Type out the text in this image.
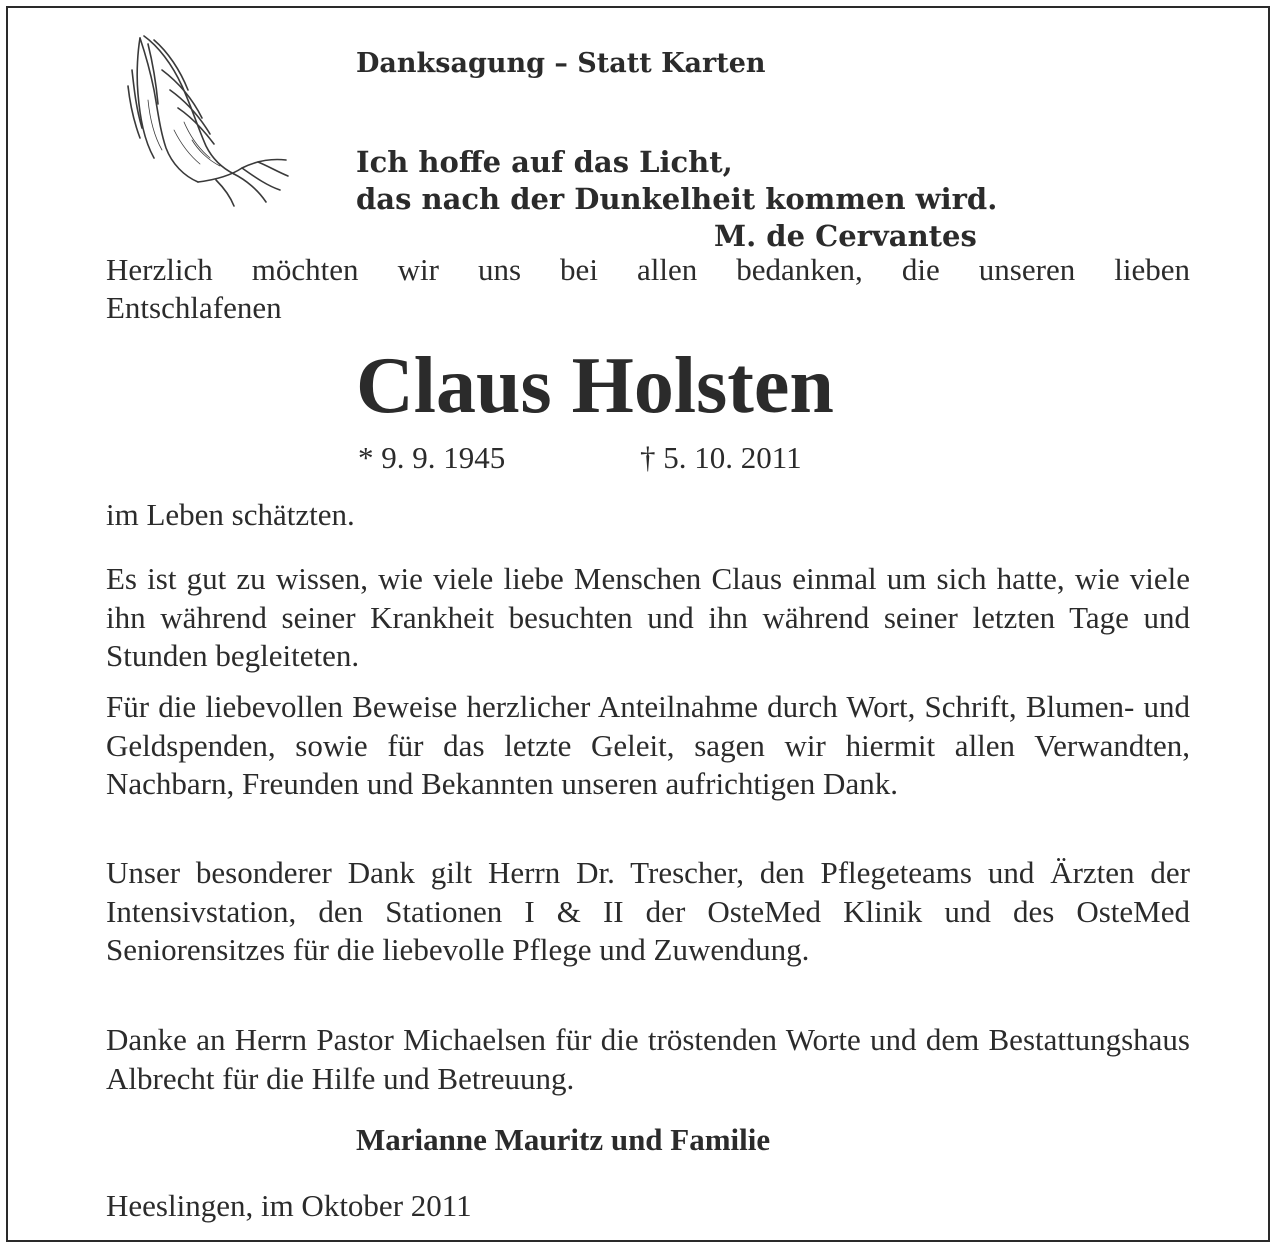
Danksagung – Statt Karten

Ich hoffe auf das Licht,
das nach der Dunkelheit kommen wird.

M. de Cervantes

Herzlich möchten wir uns bei allen bedanken, die unseren lieben

Entschlafenen

Claus Holsten

* 9. 9. 1945	† 5. 10. 2011

im Leben schätzten.

Es ist gut zu wissen, wie viele liebe Menschen Claus einmal um sich hatte, wie viele ihn während seiner Krankheit besuchten und ihn während seiner letzten Tage und Stunden begleiteten.

Für die liebevollen Beweise herzlicher Anteilnahme durch Wort, Schrift, Blumen- und Geldspenden, sowie für das letzte Geleit, sagen wir hiermit allen Verwandten, Nachbarn, Freunden und Bekannten unseren aufrichtigen Dank.

Unser besonderer Dank gilt Herrn Dr. Trescher, den Pflegeteams und Ärzten der Intensivstation, den Stationen I & II der OsteMed Klinik und des OsteMed Seniorensitzes für die liebevolle Pflege und Zuwendung.

Danke an Herrn Pastor Michaelsen für die tröstenden Worte und dem Bestattungshaus Albrecht für die Hilfe und Betreuung.

Marianne Mauritz und Familie

Heeslingen, im Oktober 2011
